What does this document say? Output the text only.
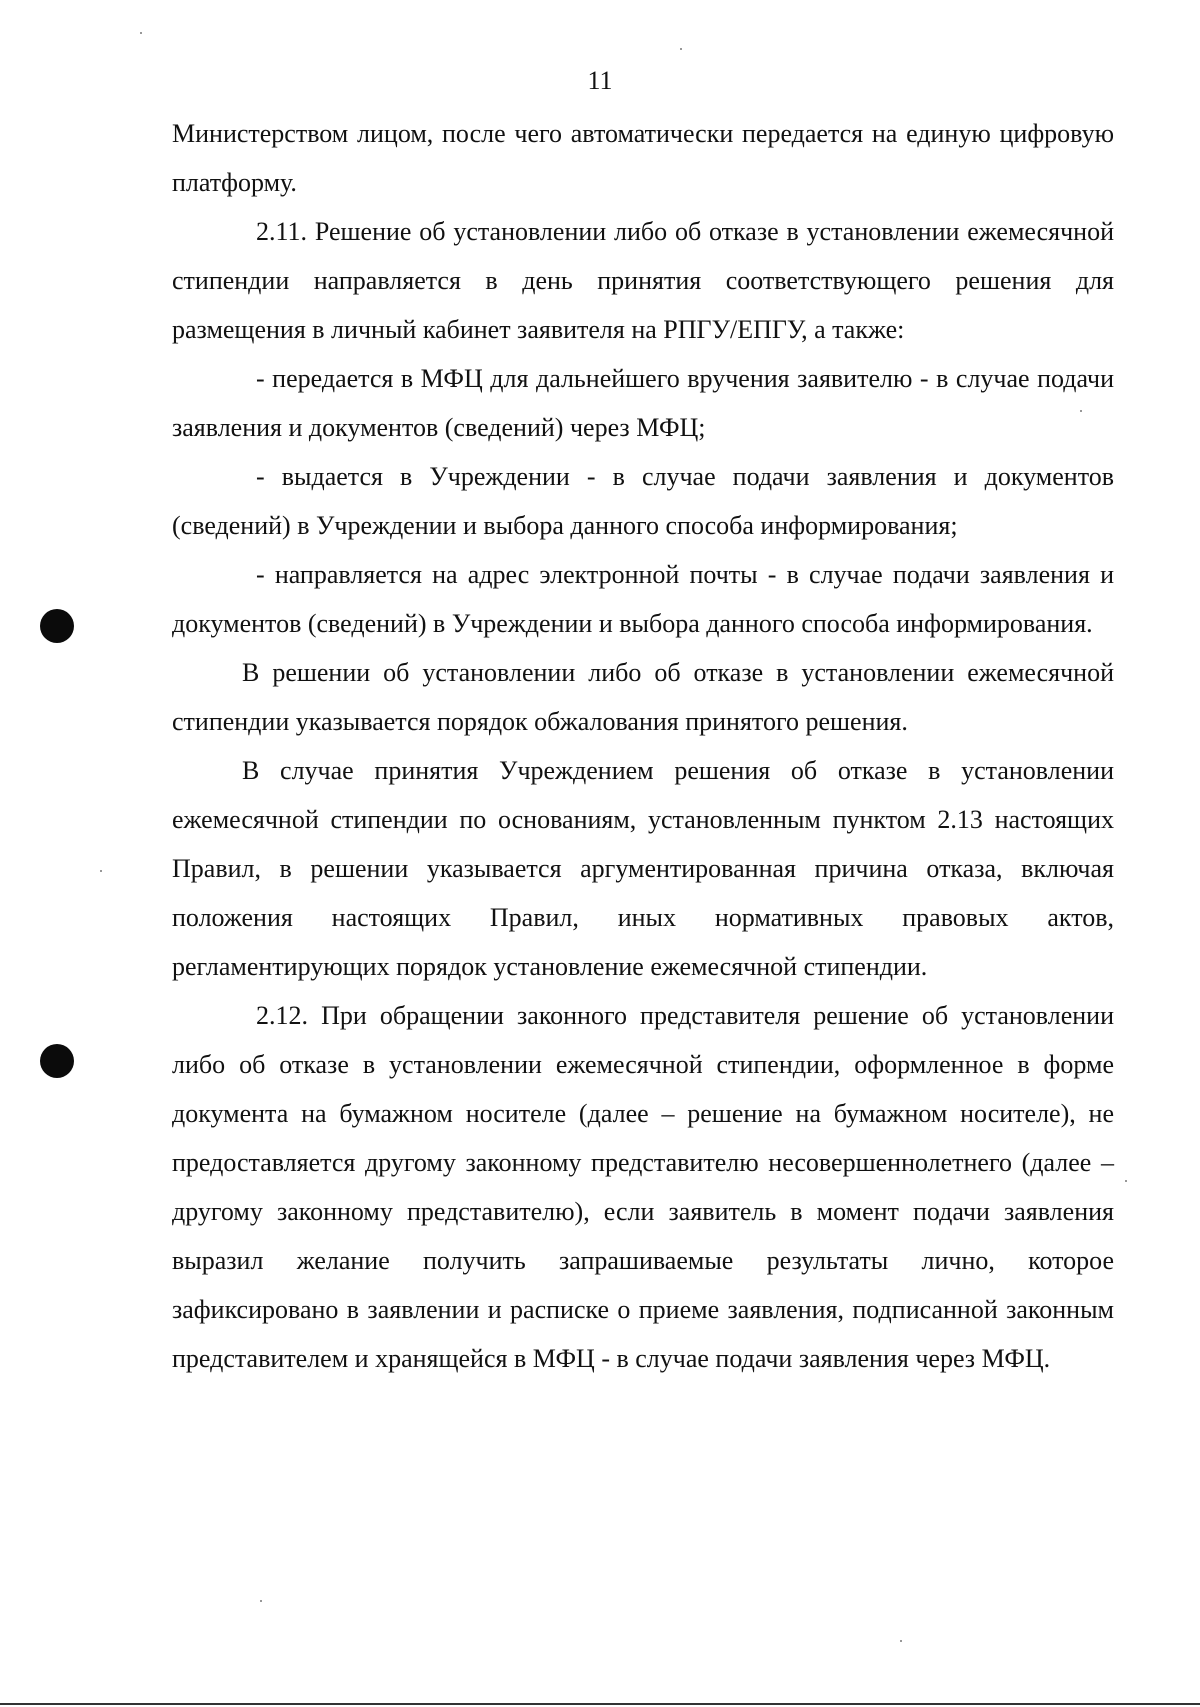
11

Министерством лицом, после чего автоматически передается на единую цифровую платформу.

2.11. Решение об установлении либо об отказе в установлении ежемесячной стипендии направляется в день принятия соответствующего решения для размещения в личный кабинет заявителя на РПГУ/ЕПГУ, а также:

- передается в МФЦ для дальнейшего вручения заявителю - в случае подачи заявления и документов (сведений) через МФЦ;

- выдается в Учреждении - в случае подачи заявления и документов (сведений) в Учреждении и выбора данного способа информирования;

- направляется на адрес электронной почты - в случае подачи заявления и документов (сведений) в Учреждении и выбора данного способа информирования.

В решении об установлении либо об отказе в установлении ежемесячной стипендии указывается порядок обжалования принятого решения.

В случае принятия Учреждением решения об отказе в установлении ежемесячной стипендии по основаниям, установленным пунктом 2.13 настоящих Правил, в решении указывается аргументированная причина отказа, включая положения настоящих Правил, иных нормативных правовых актов, регламентирующих порядок установление ежемесячной стипендии.

2.12. При обращении законного представителя решение об установлении либо об отказе в установлении ежемесячной стипендии, оформленное в форме документа на бумажном носителе (далее – решение на бумажном носителе), не предоставляется другому законному представителю несовершеннолетнего (далее – другому законному представителю), если заявитель в момент подачи заявления выразил желание получить запрашиваемые результаты лично, которое зафиксировано в заявлении и расписке о приеме заявления, подписанной законным представителем и хранящейся в МФЦ - в случае подачи заявления через МФЦ.
